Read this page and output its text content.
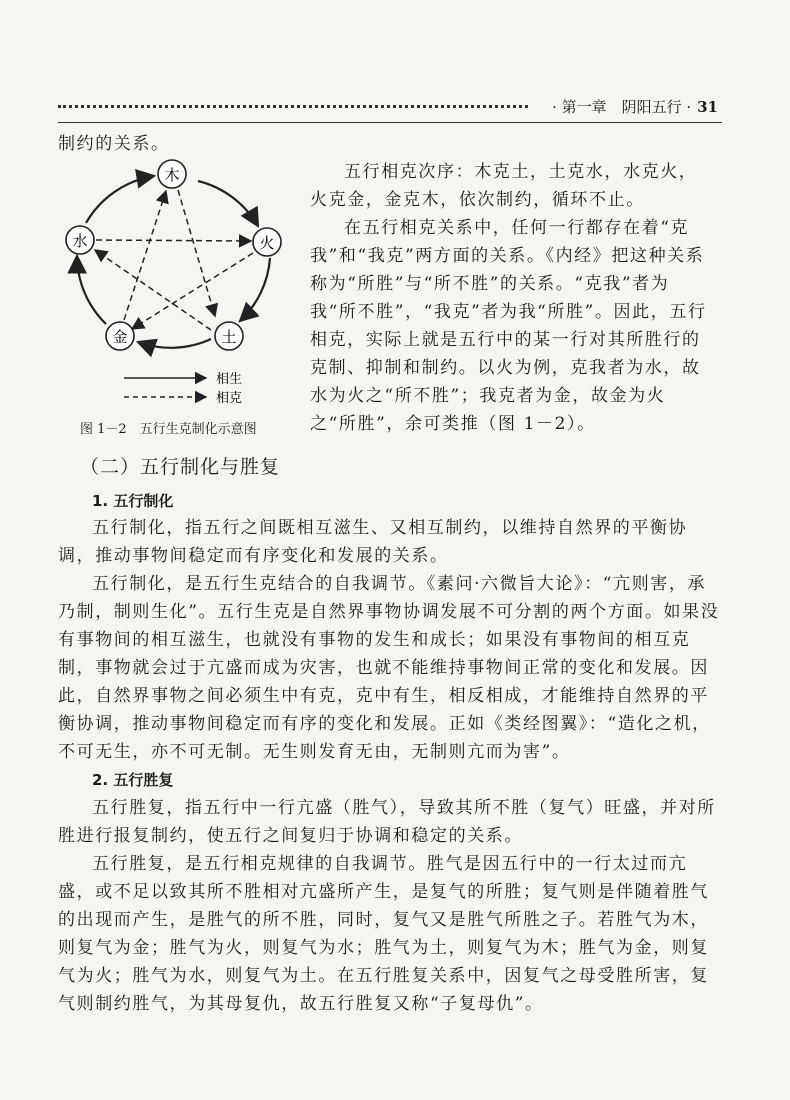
· 第一章　阴阳五行 · 31
制约的关系。
木
火
土
金
水
相生
相克
图 1－2　五行生克制化示意图

五行相克次序：木克土，土克水，水克火，火克金，金克木，依次制约，循环不止。

在五行相克关系中，任何一行都存在着“克我”和“我克”两方面的关系。《内经》把这种关系称为“所胜”与“所不胜”的关系。“克我”者为我“所不胜”，“我克”者为我“所胜”。因此，五行相克，实际上就是五行中的某一行对其所胜行的克制、抑制和制约。以火为例，克我者为水，故水为火之“所不胜”；我克者为金，故金为火之“所胜”，余可类推（图 1－2）。

（二）五行制化与胜复
1. 五行制化

五行制化，指五行之间既相互滋生、又相互制约，以维持自然界的平衡协调，推动事物间稳定而有序变化和发展的关系。

五行制化，是五行生克结合的自我调节。《素问·六微旨大论》：“亢则害，承乃制，制则生化”。五行生克是自然界事物协调发展不可分割的两个方面。如果没有事物间的相互滋生，也就没有事物的发生和成长；如果没有事物间的相互克制，事物就会过于亢盛而成为灾害，也就不能维持事物间正常的变化和发展。因此，自然界事物之间必须生中有克，克中有生，相反相成，才能维持自然界的平衡协调，推动事物间稳定而有序的变化和发展。正如《类经图翼》：“造化之机，不可无生，亦不可无制。无生则发育无由，无制则亢而为害”。

2. 五行胜复

五行胜复，指五行中一行亢盛（胜气），导致其所不胜（复气）旺盛，并对所胜进行报复制约，使五行之间复归于协调和稳定的关系。

五行胜复，是五行相克规律的自我调节。胜气是因五行中的一行太过而亢盛，或不足以致其所不胜相对亢盛所产生，是复气的所胜；复气则是伴随着胜气的出现而产生，是胜气的所不胜，同时，复气又是胜气所胜之子。若胜气为木，则复气为金；胜气为火，则复气为水；胜气为土，则复气为木；胜气为金，则复气为火；胜气为水，则复气为土。在五行胜复关系中，因复气之母受胜所害，复气则制约胜气，为其母复仇，故五行胜复又称“子复母仇”。
